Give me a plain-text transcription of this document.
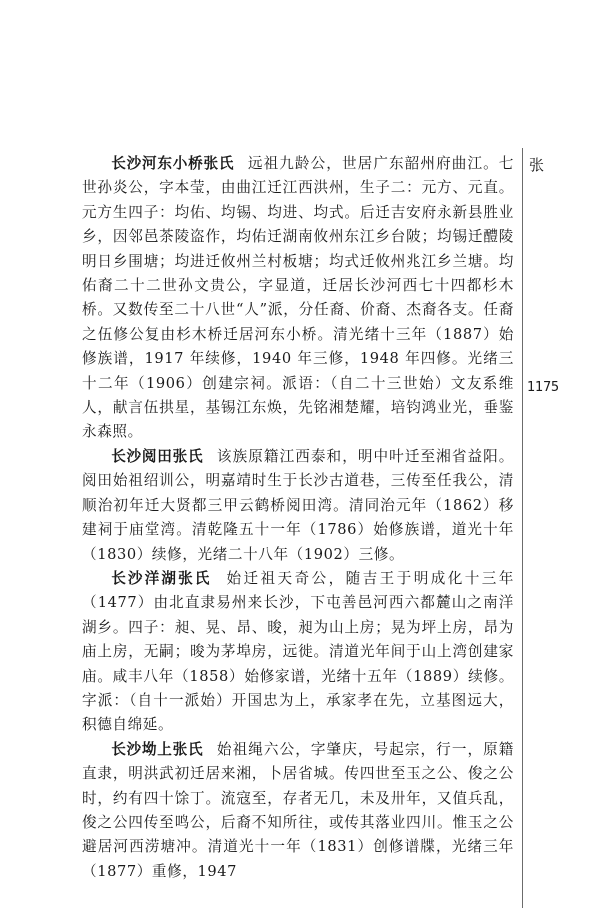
长沙河东小桥张氏 远祖九龄公，世居广东韶州府曲江。七世孙炎公，字本莹，由曲江迁江西洪州，生子二：元方、元直。元方生四子：均佑、均锡、均进、均式。后迁吉安府永新县胜业乡，因邻邑茶陵盗作，均佑迁湖南攸州东江乡台陂；均锡迁醴陵明日乡围塘；均进迁攸州兰村板塘；均式迁攸州兆江乡兰塘。均佑裔二十二世孙文贵公，字显道，迁居长沙河西七十四都杉木桥。又数传至二十八世“人”派，分任裔、价裔、杰裔各支。任裔之伍修公复由杉木桥迁居河东小桥。清光绪十三年（1887）始修族谱，1917 年续修，1940 年三修，1948 年四修。光绪三十二年（1906）创建宗祠。派语：（自二十三世始）文友系维人，献言伍拱星，基锡江东焕，先铭湘楚耀，培钧鸿业光，垂鉴永森照。

长沙阅田张氏 该族原籍江西泰和，明中叶迁至湘省益阳。阅田始祖绍训公，明嘉靖时生于长沙古道巷，三传至任我公，清顺治初年迁大贤都三甲云鹤桥阅田湾。清同治元年（1862）移建祠于庙堂湾。清乾隆五十一年（1786）始修族谱，道光十年（1830）续修，光绪二十八年（1902）三修。

长沙洋湖张氏 始迁祖天奇公，随吉王于明成化十三年（1477）由北直隶易州来长沙，下屯善邑河西六都麓山之南洋湖乡。四子：昶、晃、昂、晙，昶为山上房；晃为坪上房，昂为庙上房，无嗣；晙为茅埠房，远徙。清道光年间于山上湾创建家庙。咸丰八年（1858）始修家谱，光绪十五年（1889）续修。字派：（自十一派始）开国忠为上，承家孝在先，立基图远大，积德自绵延。

长沙坳上张氏 始祖绳六公，字肇庆，号起宗，行一，原籍直隶，明洪武初迁居来湘，卜居省城。传四世至玉之公、俊之公时，约有四十馀丁。流寇至，存者无几，未及卅年，又值兵乱，俊之公四传至鸣公，后裔不知所往，或传其落业四川。惟玉之公避居河西涝塘冲。清道光十一年（1831）创修谱牒，光绪三年（1877）重修，1947

张
1175
